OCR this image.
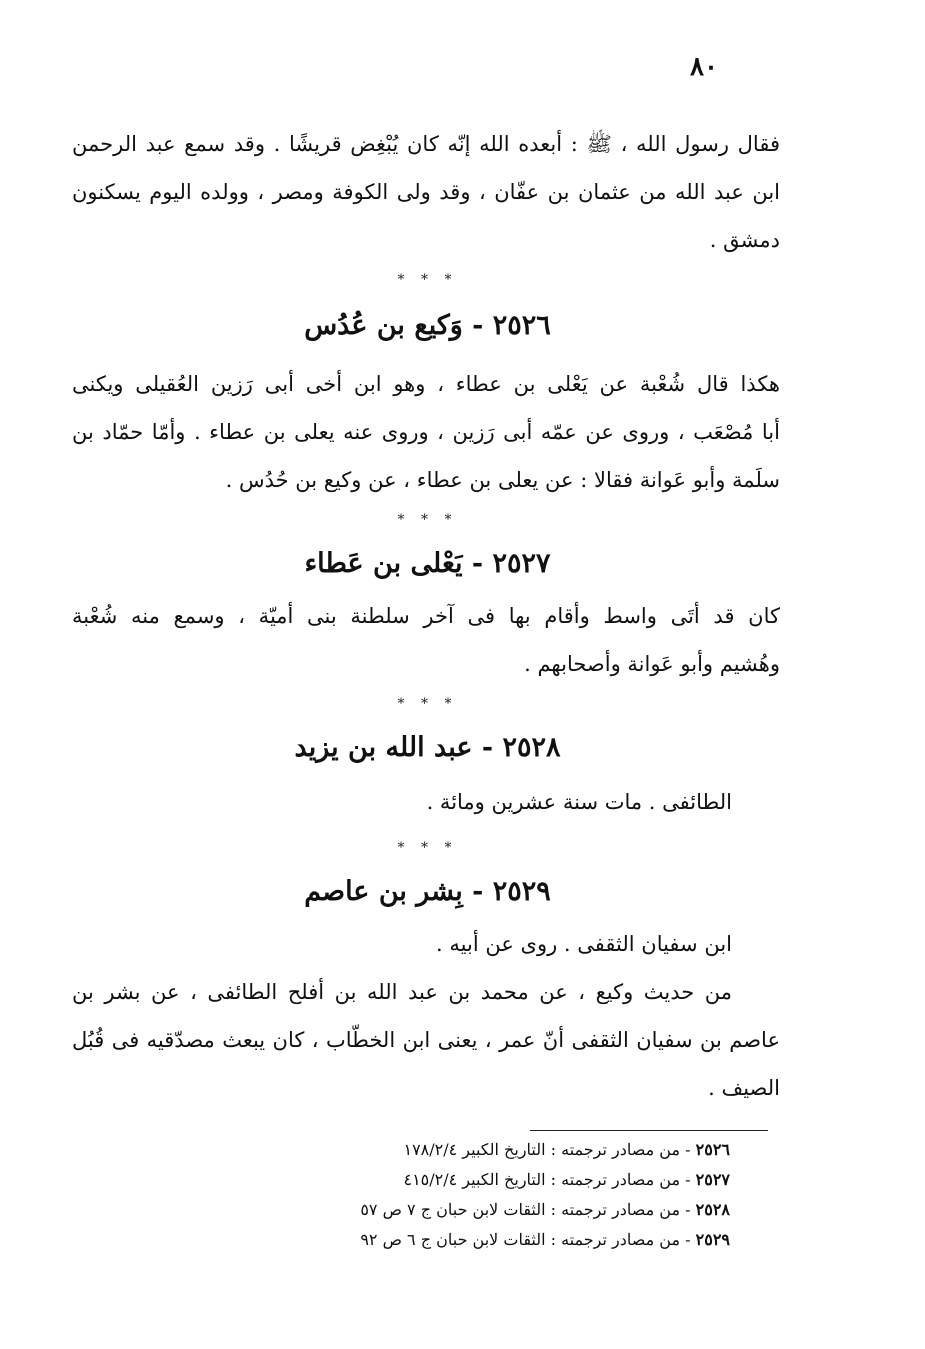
٨٠
فقال رسول الله ، ﷺ : أبعده الله إنّه كان يُبْغِض قريشًا . وقد سمع عبد الرحمن
ابن عبد الله من عثمان بن عفّان ، وقد ولى الكوفة ومصر ، وولده اليوم يسكنون
دمشق .
* * *
٢٥٢٦ - وَكيع بن عُدُس
هكذا قال شُعْبة عن يَعْلى بن عطاء ، وهو ابن أخى أبى رَزين العُقيلى ويكنى
أبا مُصْعَب ، وروى عن عمّه أبى رَزين ، وروى عنه يعلى بن عطاء . وأمّا حمّاد بن
سلَمة وأبو عَوانة فقالا : عن يعلى بن عطاء ، عن وكيع بن حُدُس .
* * *
٢٥٢٧ - يَعْلى بن عَطاء
كان قد أتَى واسط وأقام بها فى آخر سلطنة بنى أميّة ، وسمع منه شُعْبة
وهُشيم وأبو عَوانة وأصحابهم .
* * *
٢٥٢٨ - عبد الله بن يزيد
الطائفى . مات سنة عشرين ومائة .
* * *
٢٥٢٩ - بِشر بن عاصم
ابن سفيان الثقفى . روى عن أبيه .
من حديث وكيع ، عن محمد بن عبد الله بن أفلح الطائفى ، عن بشر بن
عاصم بن سفيان الثقفى أنّ عمر ، يعنى ابن الخطّاب ، كان يبعث مصدّقيه فى قُبُل
الصيف .
٢٥٢٦ - من مصادر ترجمته : التاريخ الكبير ١٧٨/٢/٤
٢٥٢٧ - من مصادر ترجمته : التاريخ الكبير ٤١٥/٢/٤
٢٥٢٨ - من مصادر ترجمته : الثقات لابن حبان ج ٧ ص ٥٧
٢٥٢٩ - من مصادر ترجمته : الثقات لابن حبان ج ٦ ص ٩٢
